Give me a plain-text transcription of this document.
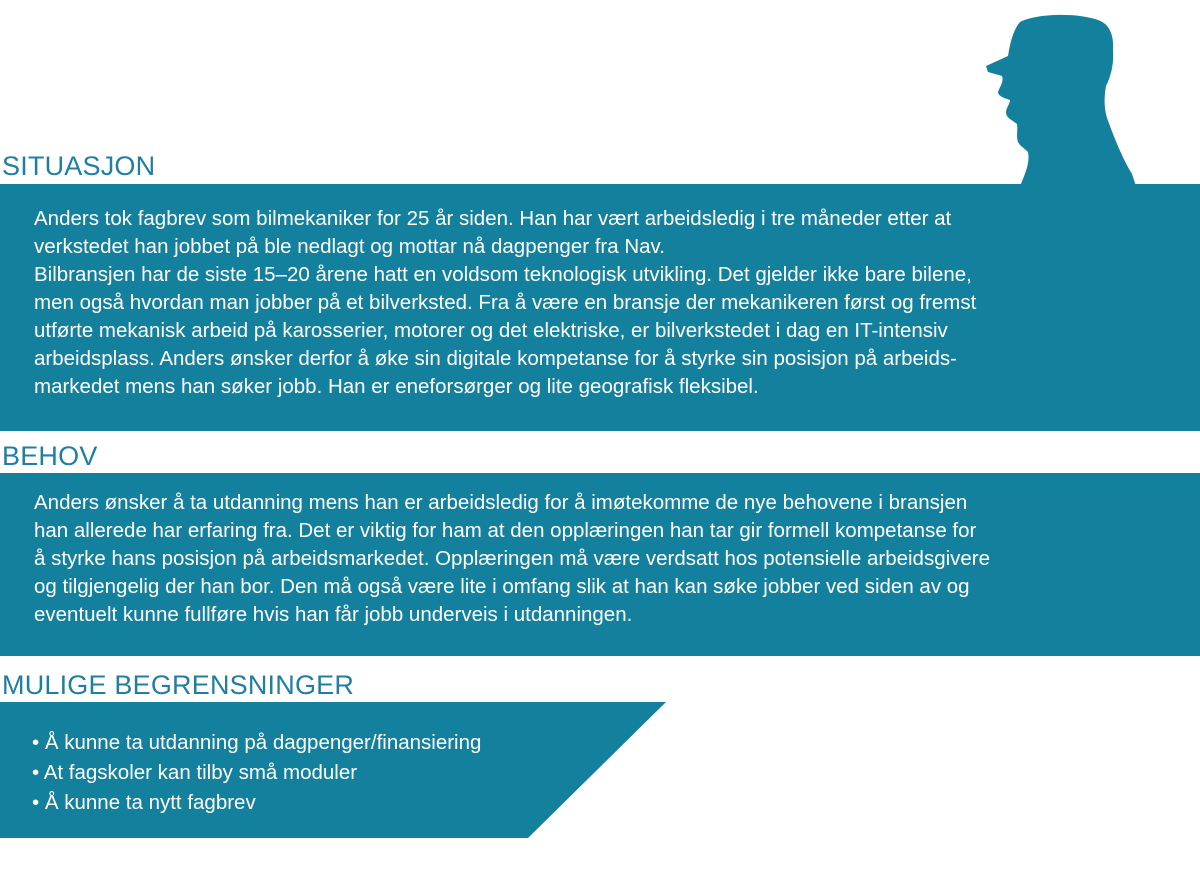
SITUASJON

Anders tok fagbrev som bilmekaniker for 25 år siden. Han har vært arbeidsledig i tre måneder etter at

verkstedet han jobbet på ble nedlagt og mottar nå dagpenger fra Nav.

Bilbransjen har de siste 15–20 årene hatt en voldsom teknologisk utvikling. Det gjelder ikke bare bilene,

men også hvordan man jobber på et bilverksted. Fra å være en bransje der mekanikeren først og fremst

utførte mekanisk arbeid på karosserier, motorer og det elektriske, er bilverkstedet i dag en IT-intensiv

arbeidsplass. Anders ønsker derfor å øke sin digitale kompetanse for å styrke sin posisjon på arbeids-

markedet mens han søker jobb. Han er eneforsørger og lite geografisk fleksibel.

BEHOV

Anders ønsker å ta utdanning mens han er arbeidsledig for å imøtekomme de nye behovene i bransjen

han allerede har erfaring fra. Det er viktig for ham at den opplæringen han tar gir formell kompetanse for

å styrke hans posisjon på arbeidsmarkedet. Opplæringen må være verdsatt hos potensielle arbeidsgivere

og tilgjengelig der han bor. Den må også være lite i omfang slik at han kan søke jobber ved siden av og

eventuelt kunne fullføre hvis han får jobb underveis i utdanningen.

MULIGE BEGRENSNINGER
• Å kunne ta utdanning på dagpenger/finansiering
• At fagskoler kan tilby små moduler
• Å kunne ta nytt fagbrev
